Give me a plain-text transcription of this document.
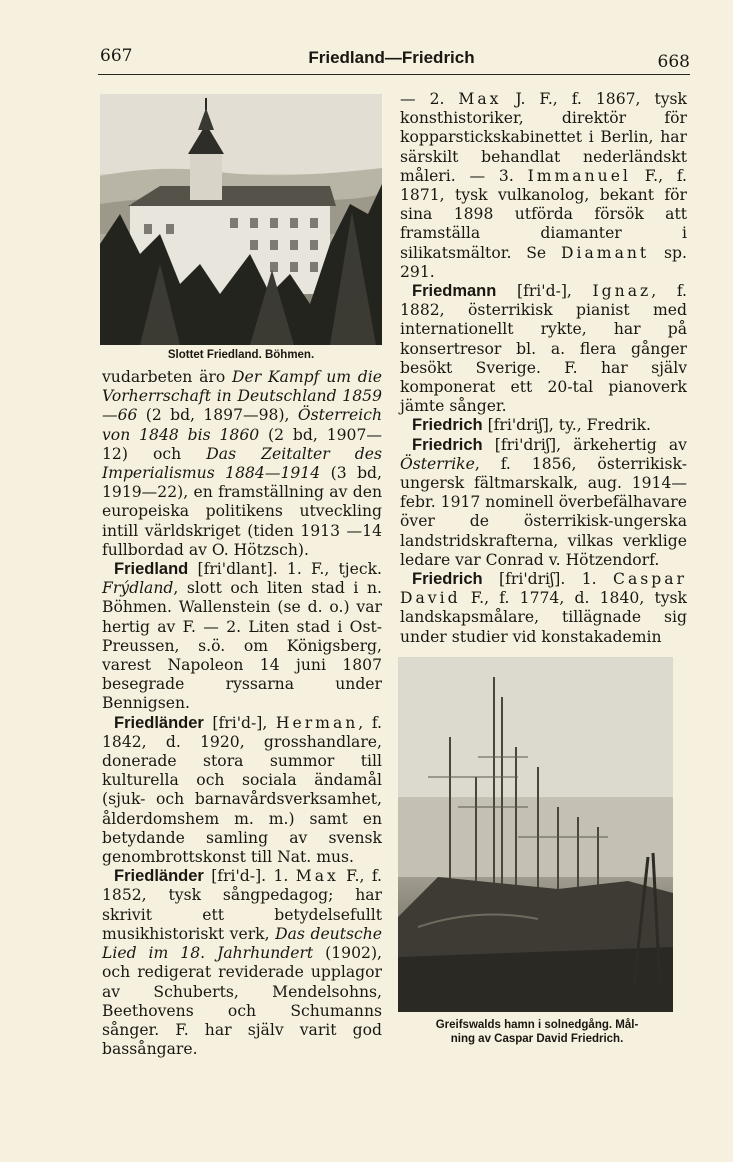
667	Friedland—Friedrich	668
Slottet Friedland. Böhmen.

vudarbeten äro Der Kampf um die Vorherrschaft in Deutschland 1859—66 (2 bd, 1897—98), Österreich von 1848 bis 1860 (2 bd, 1907—12) och Das Zeitalter des Imperialismus 1884—1914 (3 bd, 1919—22), en framställning av den europeiska politikens utveckling intill världskriget (tiden 1913 —14 fullbordad av O. Hötzsch).

Friedland [fri'dlant]. 1. F., tjeck. Frýdland, slott och liten stad i n. Böhmen. Wallenstein (se d. o.) var hertig av F. — 2. Liten stad i Ost-Preussen, s.ö. om Königsberg, varest Napoleon 14 juni 1807 besegrade ryssarna under Bennigsen.

Friedländer [fri'd-], Herman, f. 1842, d. 1920, grosshandlare, donerade stora summor till kulturella och sociala ändamål (sjuk- och barnavårdsverksamhet, ålderdomshem m. m.) samt en betydande samling av svensk genombrottskonst till Nat. mus.

Friedländer [fri'd-]. 1. Max F., f. 1852, tysk sångpedagog; har skrivit ett betydelsefullt musikhistoriskt verk, Das deutsche Lied im 18. Jahrhundert (1902), och redigerat reviderade upplagor av Schuberts, Mendelsohns, Beethovens och Schumanns sånger. F. har själv varit god bassångare.

— 2. Max J. F., f. 1867, tysk konsthistoriker, direktör för kopparstickskabinettet i Berlin, har särskilt behandlat nederländskt måleri. — 3. Immanuel F., f. 1871, tysk vulkanolog, bekant för sina 1898 utförda försök att framställa diamanter i silikatsmältor. Se Diamant sp. 291.

Friedmann [fri'd-], Ignaz, f. 1882, österrikisk pianist med internationellt rykte, har på konsertresor bl. a. flera gånger besökt Sverige. F. har själv komponerat ett 20-tal pianoverk jämte sånger.

Friedrich [fri'driʃ], ty., Fredrik.

Friedrich [fri'driʃ], ärkehertig av Österrike, f. 1856, österrikisk-ungersk fältmarskalk, aug. 1914—febr. 1917 nominell överbefälhavare över de österrikisk-ungerska landstridskrafterna, vilkas verklige ledare var Conrad v. Hötzendorf.

Friedrich [fri'driʃ]. 1. Caspar David F., f. 1774, d. 1840, tysk landskapsmålare, tillägnade sig under studier vid konstakademin

Greifswalds hamn i solnedgång. Mål-
ning av Caspar David Friedrich.
